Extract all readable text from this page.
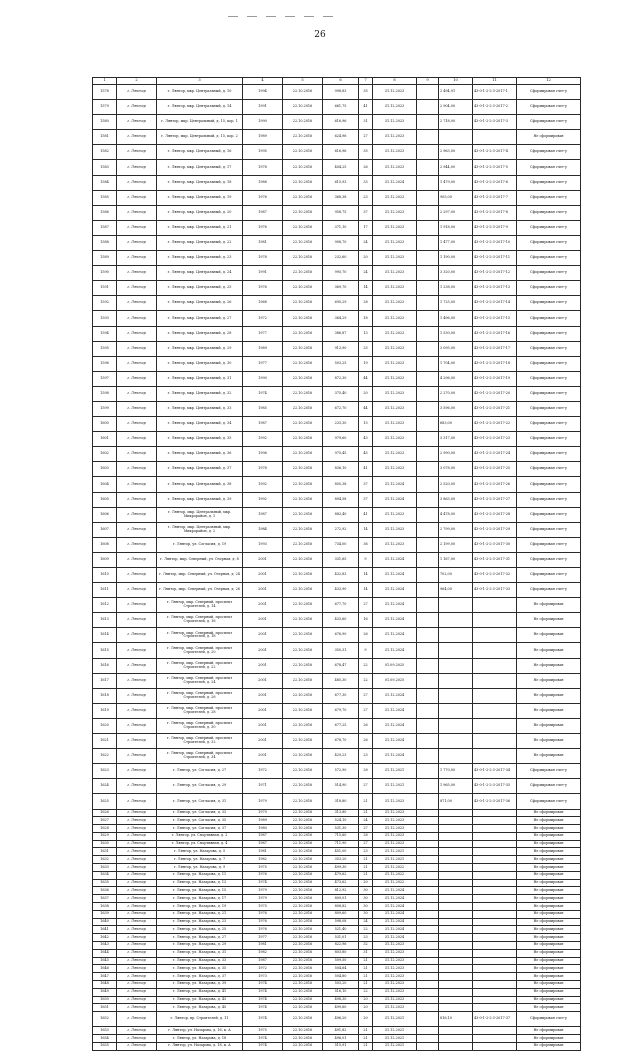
26
1	2	3	4	5	6	7	8	9	10	11	12
1578	г. Лянтор	г. Лянтор, мкр. Центральный, д. 10	1994	22.10.2016	998,83	35	31.12.2023		2 494,91	43-0-1-2-2-3-2017-1	Сформирован счет-у
1579	г. Лянтор	г. Лянтор, мкр. Центральный, д. 14	1991	22.10.2016	661,75	41	31.12.2023		2 904,00	43-0-1-2-2-3-2017-2	Сформирован счет-у
1580	г. Лянтор	г. Лянтор, мкр. Центральный, д. 15, кор. 1	1990	22.10.2016	616,96	31	31.12.2023		2 718,00	43-0-1-2-2-3-2017-3	Сформирован счет-у
1581	г. Лянтор	г. Лянтор, мкр. Центральный, д. 15, кор. 2	1989	22.10.2016	624,96	27	31.12.2023				Не сформирован
1582	г. Лянтор	г. Лянтор, мкр. Центральный, д. 16	1995	22.10.2016	616,96	35	31.12.2023		2 963,00	43-0-1-2-2-3-2017-4	Сформирован счет-у
1583	г. Лянтор	г. Лянтор, мкр. Центральный, д. 17	1978	22.10.2016	404,25	26	31.12.2023		2 944,00	43-0-1-2-2-3-2017-5	Сформирован счет-у
1584	г. Лянтор	г. Лянтор, мкр. Центральный, д. 18	1988	22.10.2016	615,93	33	31.12.2024		1 479,00	43-0-1-2-2-3-2017-6	Сформирован счет-у
1585	г. Лянтор	г. Лянтор, мкр. Центральный, д. 19	1976	22.10.2016	368,38	23	31.12.2023		905,00	43-0-1-2-2-3-2017-7	Сформирован счет-у
1586	г. Лянтор	г. Лянтор, мкр. Центральный, д. 20	1987	22.10.2016	958,75	37	31.12.2023		2 297,00	43-0-1-2-2-3-2017-8	Сформирован счет-у
1587	г. Лянтор	г. Лянтор, мкр. Центральный, д. 21	1976	22.10.2016	371,10	17	31.12.2023		1 918,00	43-0-1-2-2-3-2017-9	Сформирован счет-у
1588	г. Лянтор	г. Лянтор, мкр. Центральный, д. 22	1981	22.10.2016	908,70	24	31.12.2023		1 477,00	43-0-1-2-2-3-2017-10	Сформирован счет-у
1589	г. Лянтор	г. Лянтор, мкр. Центральный, д. 23	1978	22.10.2016	232,60	20	31.12.2023		1 190,00	43-0-1-2-2-3-2017-11	Сформирован счет-у
1590	г. Лянтор	г. Лянтор, мкр. Центральный, д. 24	1991	22.10.2016	995,70	24	31.12.2023		3 320,00	43-0-1-2-2-3-2017-12	Сформирован счет-у
1591	г. Лянтор	г. Лянтор, мкр. Центральный, д. 25	1976	22.10.2016	369,70	14	31.12.2023		1 238,00	43-0-1-2-2-3-2017-13	Сформирован счет-у
1592	г. Лянтор	г. Лянтор, мкр. Центральный, д. 26	1968	22.10.2016	695,29	28	31.12.2023		1 725,00	43-0-1-2-2-3-2017-14	Сформирован счет-у
1593	г. Лянтор	г. Лянтор, мкр. Центральный, д. 27	1972	22.10.2016	364,29	18	31.12.2023		1 496,00	43-0-1-2-2-3-2017-15	Сформирован счет-у
1594	г. Лянтор	г. Лянтор, мкр. Центральный, д. 28	1977	22.10.2016	386,87	13	31.12.2023		1 530,00	43-0-1-2-2-3-2017-16	Сформирован счет-у
1595	г. Лянтор	г. Лянтор, мкр. Центральный, д. 29	1989	22.10.2016	913,90	25	31.12.2023		3 095,00	43-0-1-2-2-3-2017-17	Сформирован счет-у
1596	г. Лянтор	г. Лянтор, мкр. Центральный, д. 30	1977	22.10.2016	503,25	19	31.12.2023		1 704,00	43-0-1-2-2-3-2017-18	Сформирован счет-у
1597	г. Лянтор	г. Лянтор, мкр. Центральный, д. 31	1990	22.10.2016	872,30	44	31.12.2023		4 296,00	43-0-1-2-2-3-2017-19	Сформирован счет-у
1598	г. Лянтор	г. Лянтор, мкр. Центральный, д. 32	1974	22.10.2016	375,40	20	31.12.2023		2 270,00	43-0-1-2-2-3-2017-20	Сформирован счет-у
1599	г. Лянтор	г. Лянтор, мкр. Центральный, д. 33	1985	22.10.2016	672,70	44	31.12.2023		3 596,00	43-0-1-2-2-3-2017-21	Сформирован счет-у
1600	г. Лянтор	г. Лянтор, мкр. Центральный, д. 34	1987	22.10.2016	233,30	15	31.12.2023		683,00	43-0-1-2-2-3-2017-22	Сформирован счет-у
1601	г. Лянтор	г. Лянтор, мкр. Центральный, д. 35	1992	22.10.2016	979,60	43	31.12.2023		3 317,00	43-0-1-2-2-3-2017-23	Сформирован счет-у
1602	г. Лянтор	г. Лянтор, мкр. Центральный, д. 36	1996	22.10.2016	975,45	45	31.12.2023		2 990,00	43-0-1-2-2-3-2017-24	Сформирован счет-у
1603	г. Лянтор	г. Лянтор, мкр. Центральный, д. 37	1978	22.10.2016	836,10	41	31.12.2023		3 078,00	43-0-1-2-2-3-2017-25	Сформирован счет-у
1604	г. Лянтор	г. Лянтор, мкр. Центральный, д. 38	1992	22.10.2016	850,38	37	31.12.2024		2 520,00	43-0-1-2-2-3-2017-26	Сформирован счет-у
1605	г. Лянтор	г. Лянтор, мкр. Центральный, д. 39	1992	22.10.2016	894,58	37	31.12.2024		3 863,00	43-0-1-2-2-3-2017-27	Сформирован счет-у
1606	г. Лянтор	г. Лянтор, мкр. Центральный, мкр. Микрорайон, д. 1	1987	22.10.2016	883,40	41	31.12.2023		4 478,00	43-0-1-2-2-3-2017-28	Сформирован счет-у
1607	г. Лянтор	г. Лянтор, мкр. Центральный, мкр. Микрорайон, д. 2	1984	22.10.2016	272,92	14	31.12.2023		2 799,00	43-0-1-2-2-3-2017-29	Сформирован счет-у
1608	г. Лянтор	г. Лянтор, ул. Согласия, д. 19	1993	22.10.2016	734,00	36	31.12.2023		2 199,00	43-0-1-2-2-3-2017-30	Сформирован счет-у
1609	г. Лянтор	г. Лянтор, мкр. Северный, ул. Озерная, д. 8	2001	22.10.2016	331,65	9	31.12.2024		1 167,00	43-0-1-2-2-3-2017-31	Сформирован счет-у
1610	г. Лянтор	г. Лянтор, мкр. Северный, ул. Озерная, д. 24	2001	22.10.2016	432,83	14	31.12.2024		702,00	43-0-1-2-2-3-2017-32	Сформирован счет-у
1611	г. Лянтор	г. Лянтор, мкр. Северный, ул. Озерная, д. 26	2001	22.10.2016	433,90	14	31.12.2024		964,00	43-0-1-2-2-3-2017-33	Сформирован счет-у
1612	г. Лянтор	г. Лянтор, мкр. Северный, проспект Строителей, д. 14	2001	22.10.2016	677,70	27	31.12.2024				Не сформирован
1613	г. Лянтор	г. Лянтор, мкр. Северный, проспект Строителей, д. 16	2001	22.10.2016	433,60	16	31.12.2024				Не сформирован
1614	г. Лянтор	г. Лянтор, мкр. Северный, проспект Строителей, д. 18	2001	22.10.2016	676,90	26	31.12.2024				Не сформирован
1615	г. Лянтор	г. Лянтор, мкр. Северный, проспект Строителей, д. 20	2001	22.10.2016	350,31	9	31.12.2024				Не сформирован
1616	г. Лянтор	г. Лянтор, мкр. Северный, проспект Строителей, д. 22	2001	22.10.2016	678,47	22	01.09.2025				Не сформирован
1617	г. Лянтор	г. Лянтор, мкр. Северный, проспект Строителей, д. 24	2001	22.10.2016	485,30	22	01.09.2025				Не сформирован
1618	г. Лянтор	г. Лянтор, мкр. Северный, проспект Строителей, д. 26	2001	22.10.2016	677,30	27	31.12.2024				Не сформирован
1619	г. Лянтор	г. Лянтор, мкр. Северный, проспект Строителей, д. 28	2001	22.10.2016	679,70	27	31.12.2024				Не сформирован
1620	г. Лянтор	г. Лянтор, мкр. Северный, проспект Строителей, д. 30	2001	22.10.2016	677,25	26	31.12.2024				Не сформирован
1621	г. Лянтор	г. Лянтор, мкр. Северный, проспект Строителей, д. 32	2001	22.10.2016	678,70	26	31.12.2024				Не сформирован
1622	г. Лянтор	г. Лянтор, мкр. Северный, проспект Строителей, д. 34	2001	22.10.2016	429,23	23	31.12.2024				Не сформирован
1623	г. Лянтор	г. Лянтор, ул. Согласия, д. 27	1972	22.10.2016	572,90	28	31.12.2021		1 770,00	43-0-1-2-2-3-2017-34	Сформирован счет-у
1624	г. Лянтор	г. Лянтор, ул. Согласия, д. 29	1971	22.10.2016	514,90	27	31.12.2021		1 965,00	43-0-1-2-2-3-2017-35	Сформирован счет-у
1625	г. Лянтор	г. Лянтор, ул. Согласия, д. 31	1979	22.10.2016	318,80	21	31.12.2023		871,00	43-0-1-2-2-3-2017-36	Сформирован счет-у
1626	г. Лянтор	г. Лянтор, ул. Согласия, д. 33	1979	22.10.2016	313,80	21	31.12.2023				Не сформирован
1627	г. Лянтор	г. Лянтор, ул. Согласия, д. 35	1989	22.10.2016	524,10	24	31.12.2023				Не сформирован
1628	г. Лянтор	г. Лянтор, ул. Согласия, д. 37	1980	22.10.2016	531,30	27	31.12.2023				Не сформирован
1629	г. Лянтор	г. Лянтор, ул. Спортивная, д. 2	1987	22.10.2016	715,60	28	31.12.2023				Не сформирован
1630	г. Лянтор	г. Лянтор, ул. Спортивная, д. 4	1987	22.10.2016	711,90	27	31.12.2023				Не сформирован
1631	г. Лянтор	г. Лянтор, ул. Назарова, д. 5	1981	22.10.2016	451,00	23	31.12.2021				Не сформирован
1632	г. Лянтор	г. Лянтор, ул. Назарова, д. 7	1982	22.10.2016	353,20	21	31.12.2021				Не сформирован
1633	г. Лянтор	г. Лянтор, ул. Назарова, д. 9	1975	22.10.2016	499,30	21	31.12.2022				Не сформирован
1634	г. Лянтор	г. Лянтор, ул. Назарова, д. 11	1976	22.10.2016	479,62	21	31.12.2022				Не сформирован
1635	г. Лянтор	г. Лянтор, ул. Назарова, д. 13	1974	22.10.2016	473,62	20	31.12.2022				Не сформирован
1636	г. Лянтор	г. Лянтор, ул. Назарова, д. 15	1979	22.10.2016	812,92	30	31.12.2024				Не сформирован
1637	г. Лянтор	г. Лянтор, ул. Назарова, д. 17	1979	22.10.2016	809,01	30	31.12.2024				Не сформирован
1638	г. Лянтор	г. Лянтор, ул. Назарова, д. 19	1975	22.10.2016	808,82	30	31.12.2024				Не сформирован
1639	г. Лянтор	г. Лянтор, ул. Назарова, д. 21	1976	22.10.2016	809,60	30	31.12.2024				Не сформирован
1640	г. Лянтор	г. Лянтор, ул. Назарова, д. 23	1976	22.10.2016	598,08	24	31.12.2024				Не сформирован
1641	г. Лянтор	г. Лянтор, ул. Назарова, д. 25	1976	22.10.2016	521,40	22	31.12.2024				Не сформирован
1642	г. Лянтор	г. Лянтор, ул. Назарова, д. 27	1977	22.10.2016	531,01	23	31.12.2024				Не сформирован
1643	г. Лянтор	г. Лянтор, ул. Назарова, д. 29	1981	22.10.2016	822,96	32	31.12.2023				Не сформирован
1644	г. Лянтор	г. Лянтор, ул. Назарова, д. 31	1982	22.10.2016	803,80	31	31.12.2023				Не сформирован
1645	г. Лянтор	г. Лянтор, ул. Назарова, д. 33	1987	22.10.2016	509,50	21	31.12.2023				Не сформирован
1646	г. Лянтор	г. Лянтор, ул. Назарова, д. 35	1972	22.10.2016	504,64	21	31.12.2023				Не сформирован
1647	г. Лянтор	г. Лянтор, ул. Назарова, д. 37	1973	22.10.2016	504,80	21	31.12.2023				Не сформирован
1648	г. Лянтор	г. Лянтор, ул. Назарова, д. 39	1974	22.10.2016	503,20	21	31.12.2023				Не сформирован
1649	г. Лянтор	г. Лянтор, ул. Назарова, д. 41	1974	22.10.2016	516,10	22	31.12.2023				Не сформирован
1650	г. Лянтор	г. Лянтор, ул. Назарова, д. 43	1974	22.10.2016	498,30	20	31.12.2023				Не сформирован
1651	г. Лянтор	г. Лянтор, ул. Назарова, д. 45	1974	22.10.2016	499,60	20	31.12.2023				Не сформирован
1652	г. Лянтор	г. Лянтор, пр. Строителей, д. 11	1974	22.10.2016	496,20	20	31.12.2021		816,10	43-0-1-2-2-3-2017-37	Сформирован счет-у
1653	г. Лянтор	г. Лянтор, ул. Назарова, д. 16, к. А	1975	22.10.2016	491,82	21	31.12.2021				Не сформирован
1654	г. Лянтор	г. Лянтор, ул. Назарова, д. 18	1974	22.10.2016	496,01	21	31.12.2021				Не сформирован
1655	г. Лянтор	г. Лянтор, ул. Назарова, д. 18, к. А	1974	22.10.2016	515,91	21	31.12.2021				Не сформирован
